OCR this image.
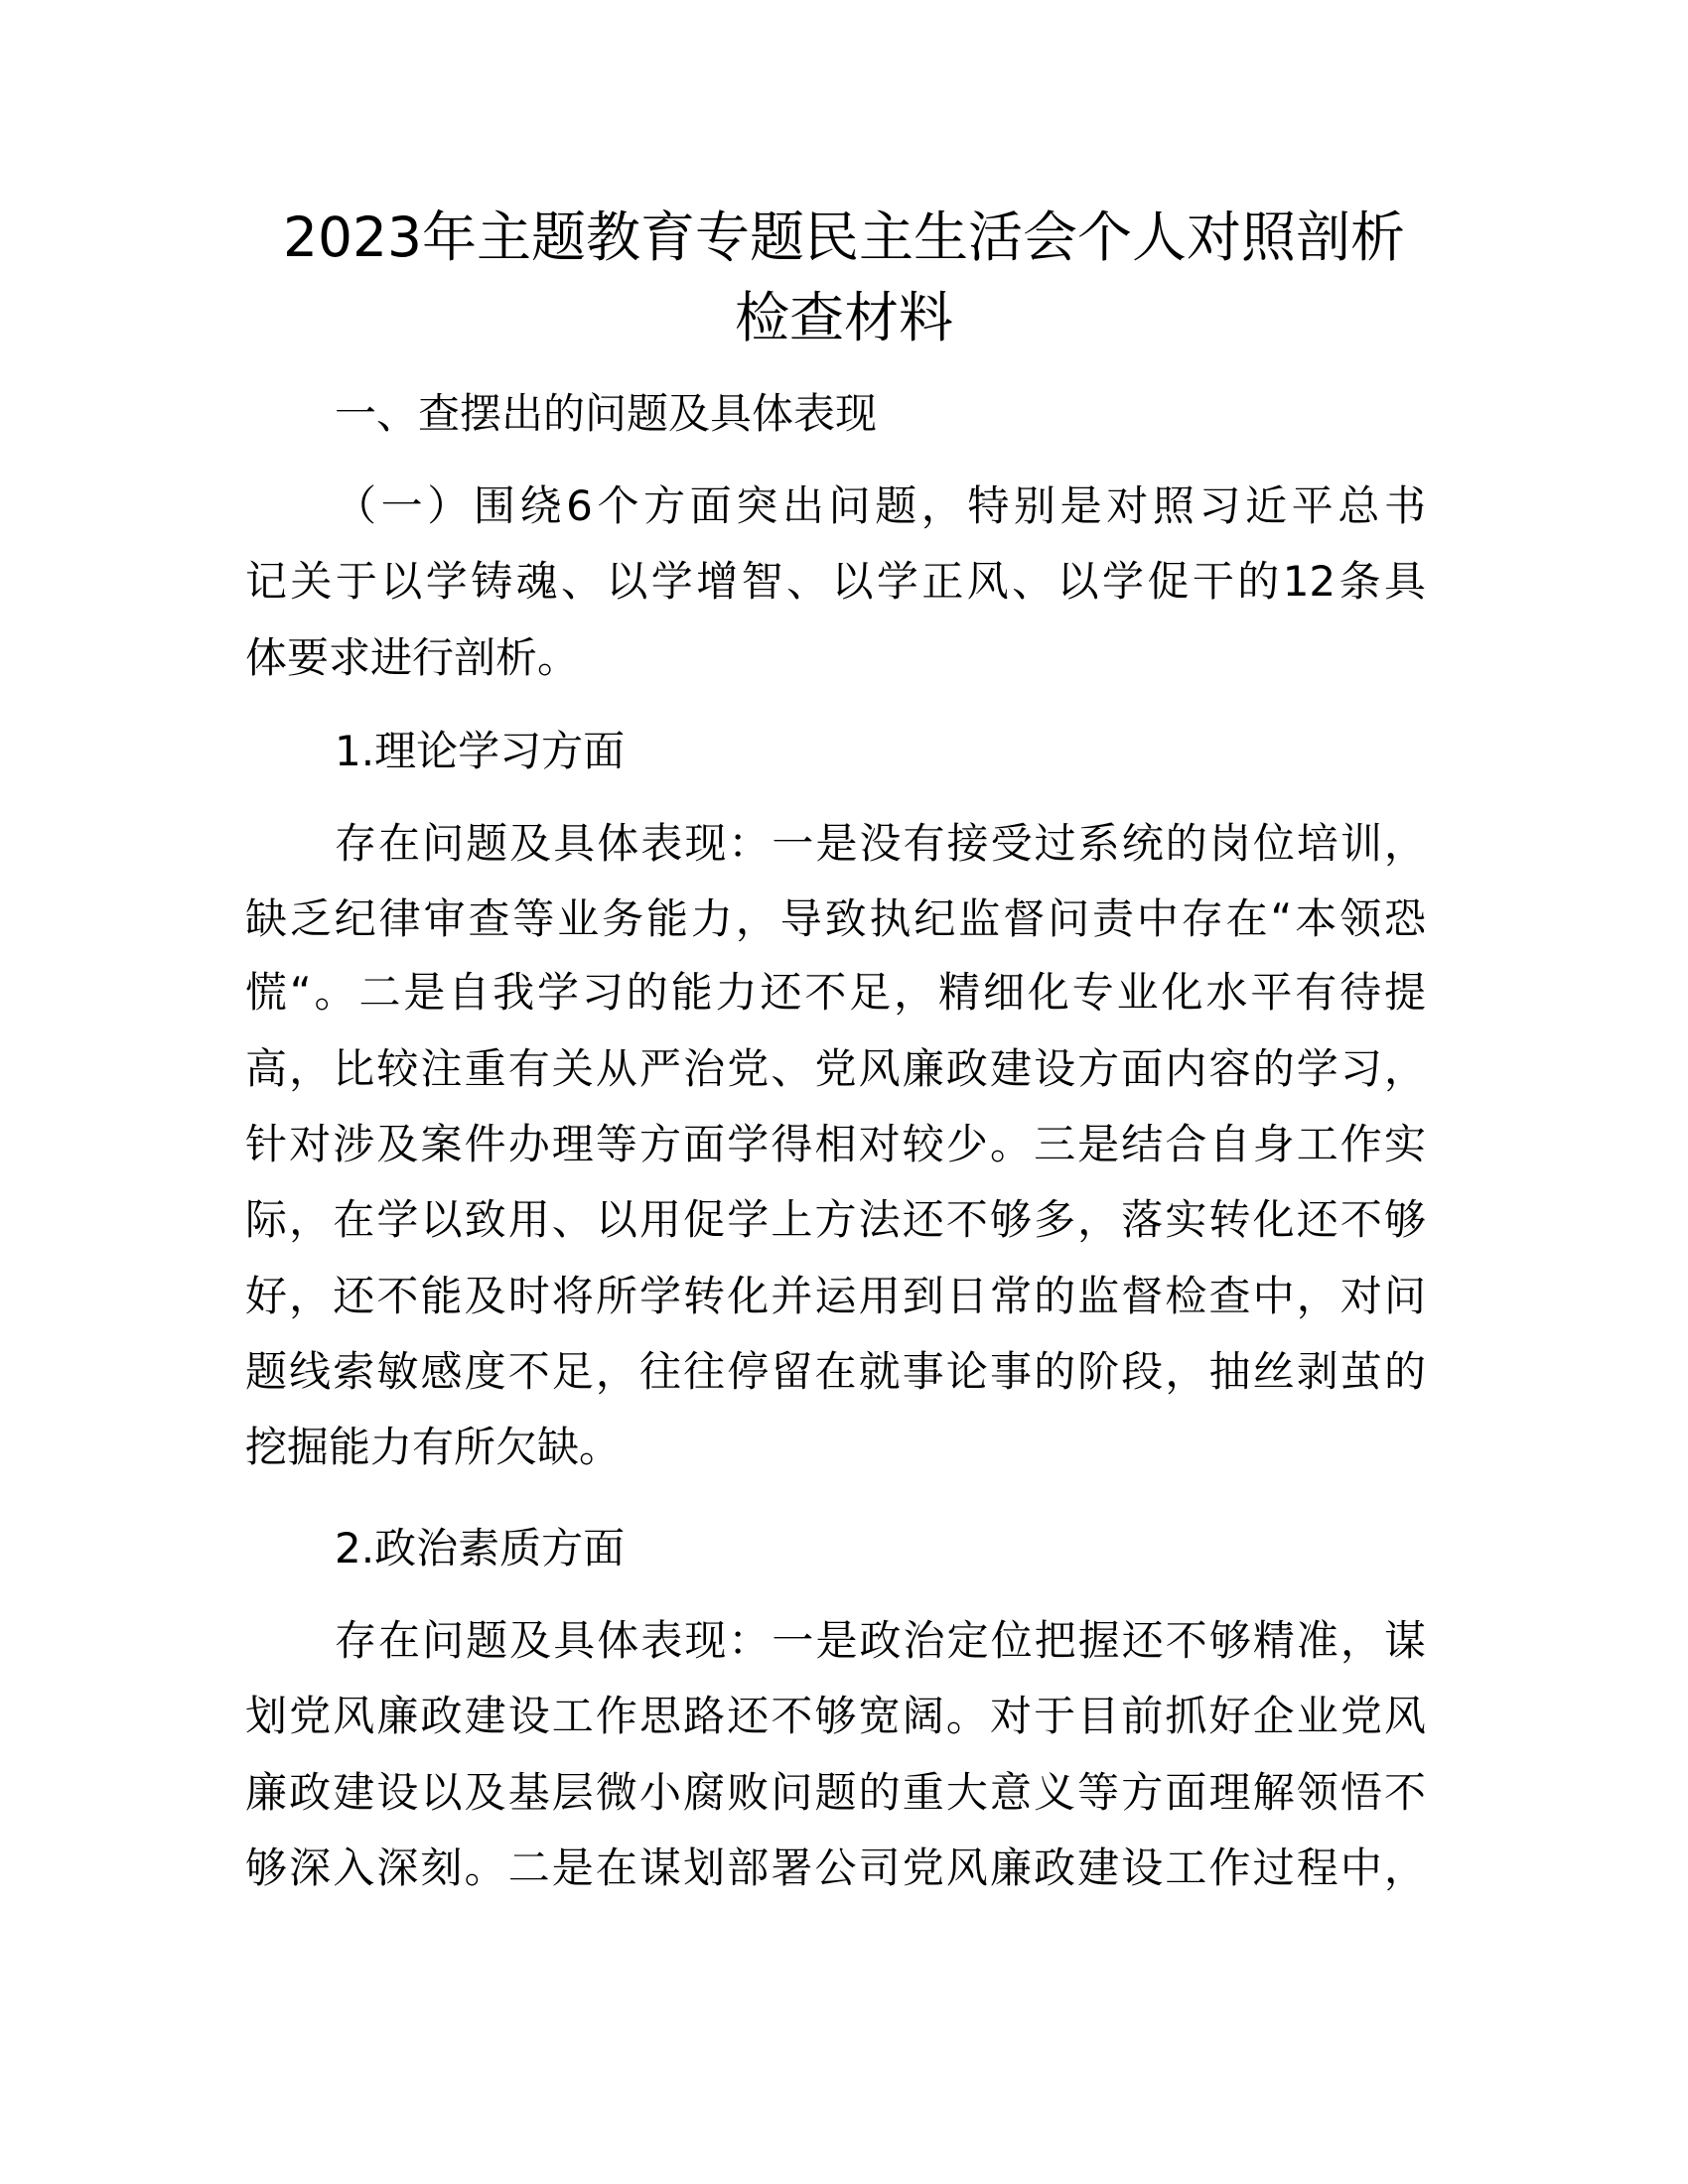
2023年主题教育专题民主生活会个人对照剖析
检查材料
一、查摆出的问题及具体表现
（一）围绕6个方面突出问题，特别是对照习近平总书
记关于以学铸魂、以学增智、以学正风、以学促干的12条具
体要求进行剖析。
1.理论学习方面
存在问题及具体表现：一是没有接受过系统的岗位培训，
缺乏纪律审查等业务能力，导致执纪监督问责中存在“本领恐
慌“。二是自我学习的能力还不足，精细化专业化水平有待提
高，比较注重有关从严治党、党风廉政建设方面内容的学习，
针对涉及案件办理等方面学得相对较少。三是结合自身工作实
际，在学以致用、以用促学上方法还不够多，落实转化还不够
好，还不能及时将所学转化并运用到日常的监督检查中，对问
题线索敏感度不足，往往停留在就事论事的阶段，抽丝剥茧的
挖掘能力有所欠缺。
2.政治素质方面
存在问题及具体表现：一是政治定位把握还不够精准，谋
划党风廉政建设工作思路还不够宽阔。对于目前抓好企业党风
廉政建设以及基层微小腐败问题的重大意义等方面理解领悟不
够深入深刻。二是在谋划部署公司党风廉政建设工作过程中，
